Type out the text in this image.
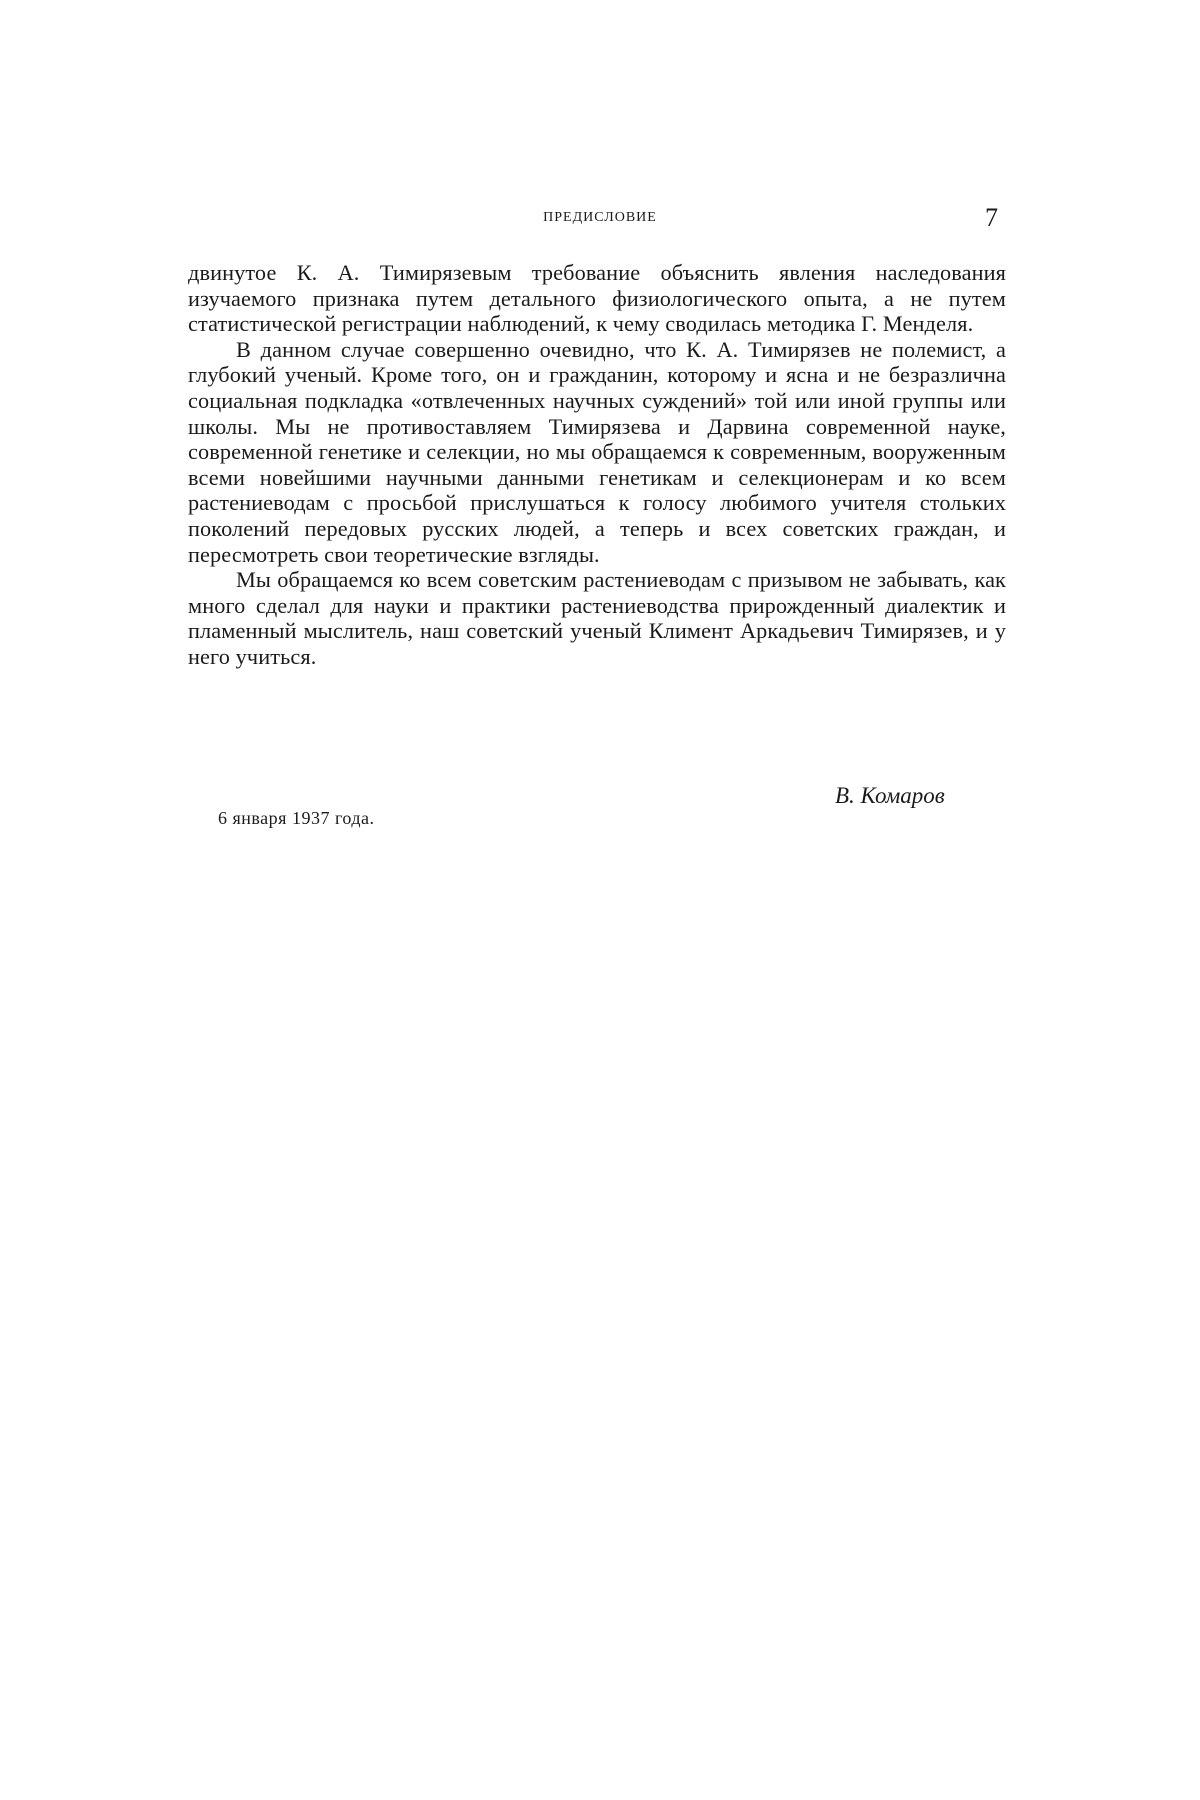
ПРЕДИСЛОВИЕ	7

двинутое К. А. Тимирязевым требование объяснить явления наследования изучаемого признака путем детального физиологического опыта, а не путем статистической регистрации наблюдений, к чему сводилась методика Г. Менделя.

В данном случае совершенно очевидно, что К. А. Тимирязев не полемист, а глубокий ученый. Кроме того, он и гражданин, которому и ясна и не безразлична социальная подкладка «отвлеченных научных суждений» той или иной группы или школы. Мы не противоставляем Тимирязева и Дарвина современной науке, современной генетике и селекции, но мы обращаемся к современным, вооруженным всеми новейшими научными данными генетикам и селекционерам и ко всем растениеводам с просьбой прислушаться к голосу любимого учителя стольких поколений передовых русских людей, а теперь и всех советских граждан, и пересмотреть свои теоретические взгляды.

Мы обращаемся ко всем советским растениеводам с призывом не забывать, как много сделал для науки и практики растениеводства прирожденный диалектик и пламенный мыслитель, наш советский ученый Климент Аркадьевич Тимирязев, и у него учиться.

В. Комаров
6 января 1937 года.
